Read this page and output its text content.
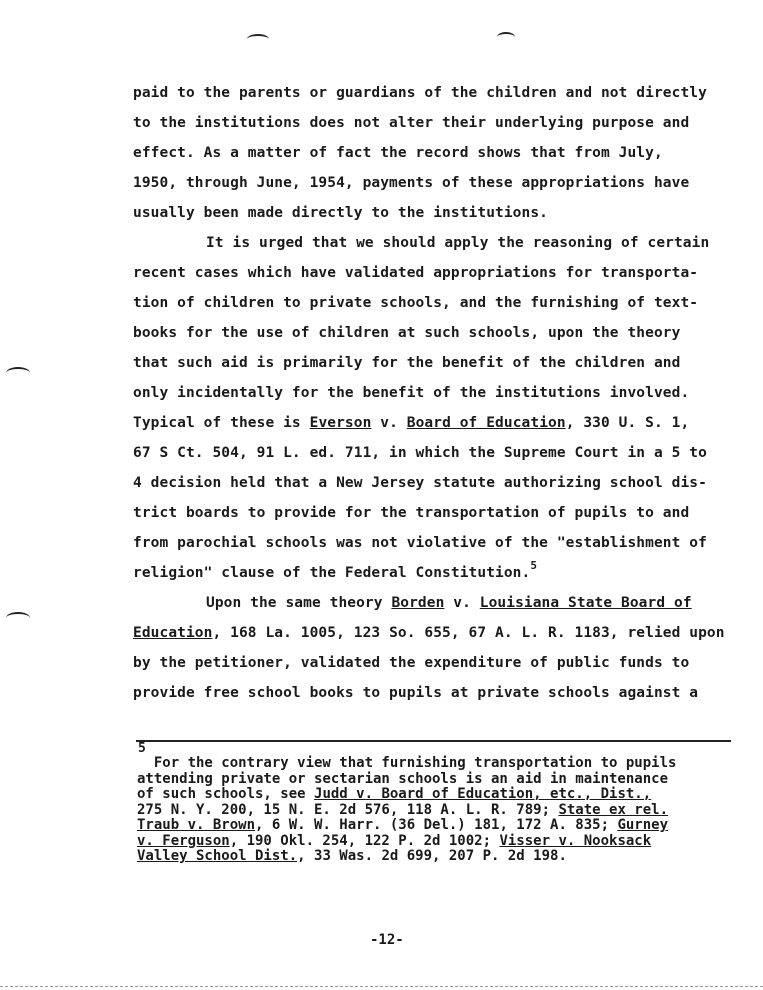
paid to the parents or guardians of the children and not directly
to the institutions does not alter their underlying purpose and
effect. As a matter of fact the record shows that from July,
1950, through June, 1954, payments of these appropriations have
usually been made directly to the institutions.
It is urged that we should apply the reasoning of certain
recent cases which have validated appropriations for transporta-
tion of children to private schools, and the furnishing of text-
books for the use of children at such schools, upon the theory
that such aid is primarily for the benefit of the children and
only incidentally for the benefit of the institutions involved.
Typical of these is Everson v. Board of Education, 330 U. S. 1,
67 S Ct. 504, 91 L. ed. 711, in which the Supreme Court in a 5 to
4 decision held that a New Jersey statute authorizing school dis-
trict boards to provide for the transportation of pupils to and
from parochial schools was not violative of the "establishment of
religion" clause of the Federal Constitution.$^5$
Upon the same theory Borden v. Louisiana State Board of
Education, 168 La. 1005, 123 So. 655, 67 A. L. R. 1183, relied upon
by the petitioner, validated the expenditure of public funds to
provide free school books to pupils at private schools against a
5
For the contrary view that furnishing transportation to pupils
attending private or sectarian schools is an aid in maintenance
of such schools, see Judd v. Board of Education, etc., Dist.,
275 N. Y. 200, 15 N. E. 2d 576, 118 A. L. R. 789; State ex rel.
Traub v. Brown, 6 W. W. Harr. (36 Del.) 181, 172 A. 835; Gurney
v. Ferguson, 190 Okl. 254, 122 P. 2d 1002; Visser v. Nooksack
Valley School Dist., 33 Was. 2d 699, 207 P. 2d 198.
-12-
